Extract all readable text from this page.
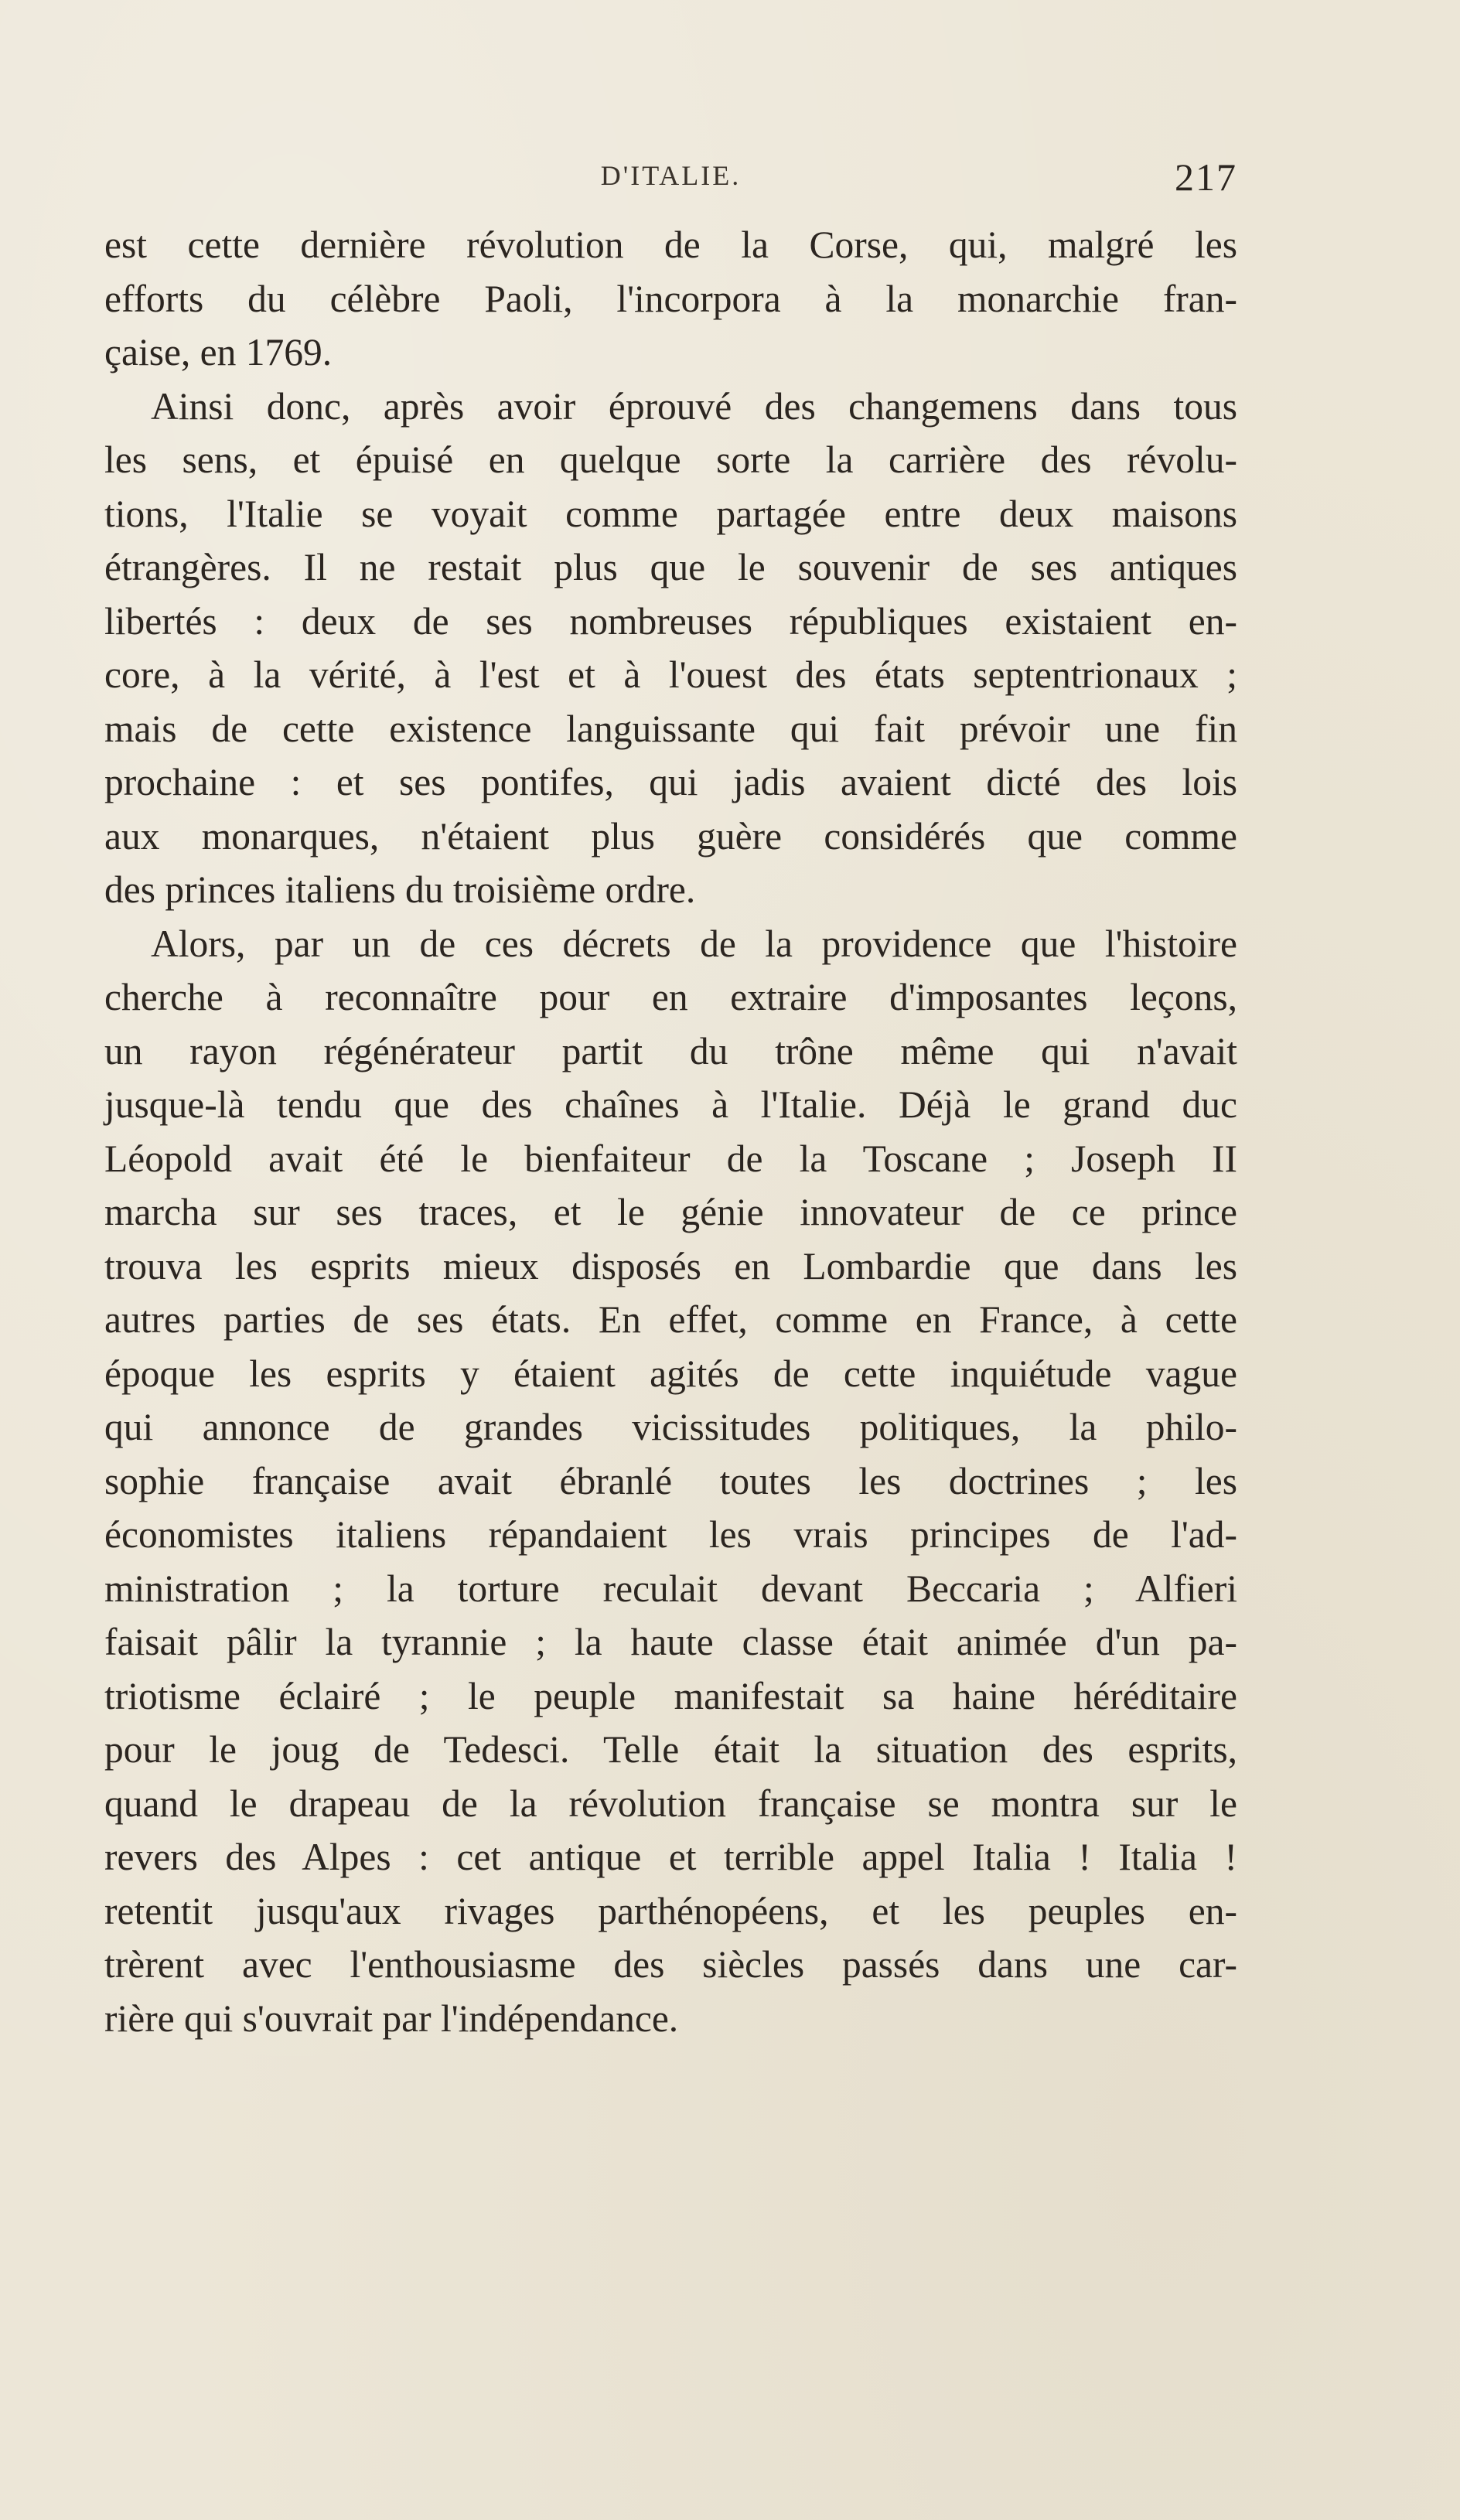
D'ITALIE.	217
est cette dernière révolution de la Corse, qui, malgré les
efforts du célèbre Paoli, l'incorpora à la monarchie fran-
çaise, en 1769.
Ainsi donc, après avoir éprouvé des changemens dans tous
les sens, et épuisé en quelque sorte la carrière des révolu-
tions, l'Italie se voyait comme partagée entre deux maisons
étrangères. Il ne restait plus que le souvenir de ses antiques
libertés : deux de ses nombreuses républiques existaient en-
core, à la vérité, à l'est et à l'ouest des états septentrionaux ;
mais de cette existence languissante qui fait prévoir une fin
prochaine : et ses pontifes, qui jadis avaient dicté des lois
aux monarques, n'étaient plus guère considérés que comme
des princes italiens du troisième ordre.
Alors, par un de ces décrets de la providence que l'histoire
cherche à reconnaître pour en extraire d'imposantes leçons,
un rayon régénérateur partit du trône même qui n'avait
jusque-là tendu que des chaînes à l'Italie. Déjà le grand duc
Léopold avait été le bienfaiteur de la Toscane ; Joseph II
marcha sur ses traces, et le génie innovateur de ce prince
trouva les esprits mieux disposés en Lombardie que dans les
autres parties de ses états. En effet, comme en France, à cette
époque les esprits y étaient agités de cette inquiétude vague
qui annonce de grandes vicissitudes politiques, la philo-
sophie française avait ébranlé toutes les doctrines ; les
économistes italiens répandaient les vrais principes de l'ad-
ministration ; la torture reculait devant Beccaria ; Alfieri
faisait pâlir la tyrannie ; la haute classe était animée d'un pa-
triotisme éclairé ; le peuple manifestait sa haine héréditaire
pour le joug de Tedesci. Telle était la situation des esprits,
quand le drapeau de la révolution française se montra sur le
revers des Alpes : cet antique et terrible appel Italia ! Italia !
retentit jusqu'aux rivages parthénopéens, et les peuples en-
trèrent avec l'enthousiasme des siècles passés dans une car-
rière qui s'ouvrait par l'indépendance.
